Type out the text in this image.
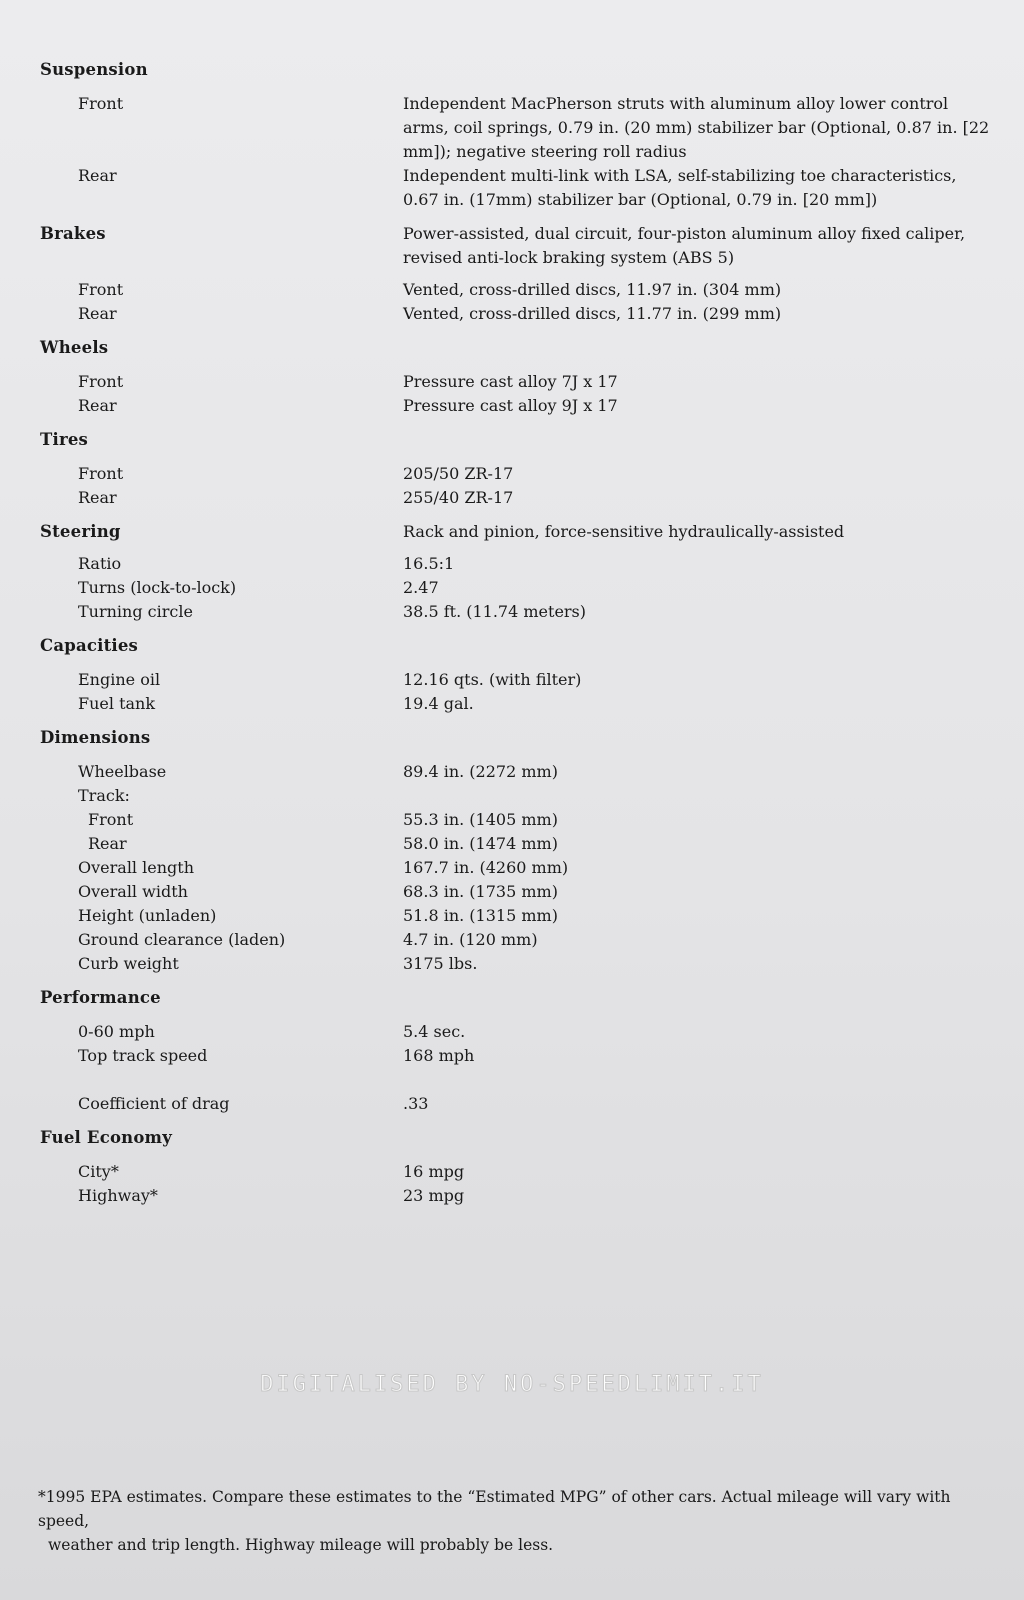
Suspension
Front	Independent MacPherson struts with aluminum alloy lower control arms, coil springs, 0.79 in. (20 mm) stabilizer bar (Optional, 0.87 in. [22 mm]); negative steering roll radius
Rear	Independent multi-link with LSA, self-stabilizing toe characteristics, 0.67 in. (17mm) stabilizer bar (Optional, 0.79 in. [20 mm])
Brakes	Power-assisted, dual circuit, four-piston aluminum alloy fixed caliper, revised anti-lock braking system (ABS 5)
Front	Vented, cross-drilled discs, 11.97 in. (304 mm)
Rear	Vented, cross-drilled discs, 11.77 in. (299 mm)
Wheels
Front	Pressure cast alloy 7J x 17
Rear	Pressure cast alloy 9J x 17
Tires
Front	205/50 ZR-17
Rear	255/40 ZR-17
Steering	Rack and pinion, force-sensitive hydraulically-assisted
Ratio	16.5:1
Turns (lock-to-lock)	2.47
Turning circle	38.5 ft. (11.74 meters)
Capacities
Engine oil	12.16 qts. (with filter)
Fuel tank	19.4 gal.
Dimensions
Wheelbase	89.4 in. (2272 mm)
Track:
Front	55.3 in. (1405 mm)
Rear	58.0 in. (1474 mm)
Overall length	167.7 in. (4260 mm)
Overall width	68.3 in. (1735 mm)
Height (unladen)	51.8 in. (1315 mm)
Ground clearance (laden)	4.7 in. (120 mm)
Curb weight	3175 lbs.
Performance
0-60 mph	5.4 sec.
Top track speed	168 mph
Coefficient of drag	.33
Fuel Economy
City*	16 mpg
Highway*	23 mpg
DIGITALISED BY NO-SPEEDLIMIT.IT
*1995 EPA estimates. Compare these estimates to the “Estimated MPG” of other cars. Actual mileage will vary with speed,
weather and trip length. Highway mileage will probably be less.
